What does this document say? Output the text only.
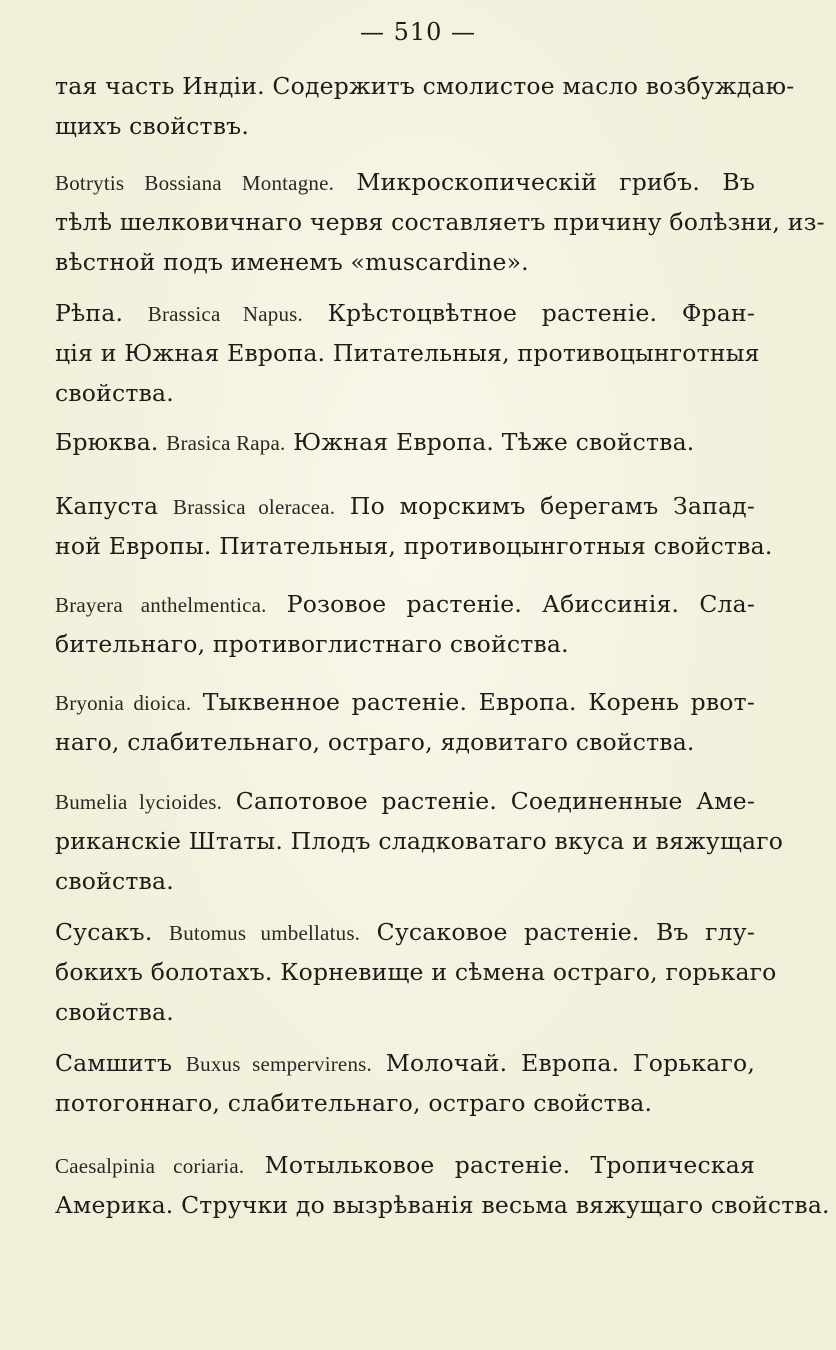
— 510 —
тая часть Индіи. Содержитъ смолистое масло возбуждаю-
щихъ свойствъ.
Botrytis Bossiana Montagne. Микроскопическій грибъ. Въ
тѣлѣ шелковичнаго червя составляетъ причину болѣзни, из-
вѣстной подъ именемъ «muscardine».
Рѣпа. Brassica Napus. Крѣстоцвѣтное растеніе. Фран-
ція и Южная Европа. Питательныя, противоцынготныя
свойства.
Брюква. Brasica Rapa. Южная Европа. Тѣже свойства.
Капуста Brassica oleracea. По морскимъ берегамъ Запад-
ной Европы. Питательныя, противоцынготныя свойства.
Brayera anthelmentica. Розовое растеніе. Абиссинія. Сла-
бительнаго, противоглистнаго свойства.
Bryonia dioica. Тыквенное растеніе. Европа. Корень рвот-
наго, слабительнаго, остраго, ядовитаго свойства.
Bumelia lycioides. Сапотовое растеніе. Соединенные Аме-
риканскіе Штаты. Плодъ сладковатаго вкуса и вяжущаго
свойства.
Сусакъ. Butomus umbellatus. Сусаковое растеніе. Въ глу-
бокихъ болотахъ. Корневище и сѣмена остраго, горькаго
свойства.
Самшитъ Buxus sempervirens. Молочай. Европа. Горькаго,
потогоннаго, слабительнаго, остраго свойства.
Caesalpinia coriaria. Мотыльковое растеніе. Тропическая
Америка. Стручки до вызрѣванія весьма вяжущаго свойства.
